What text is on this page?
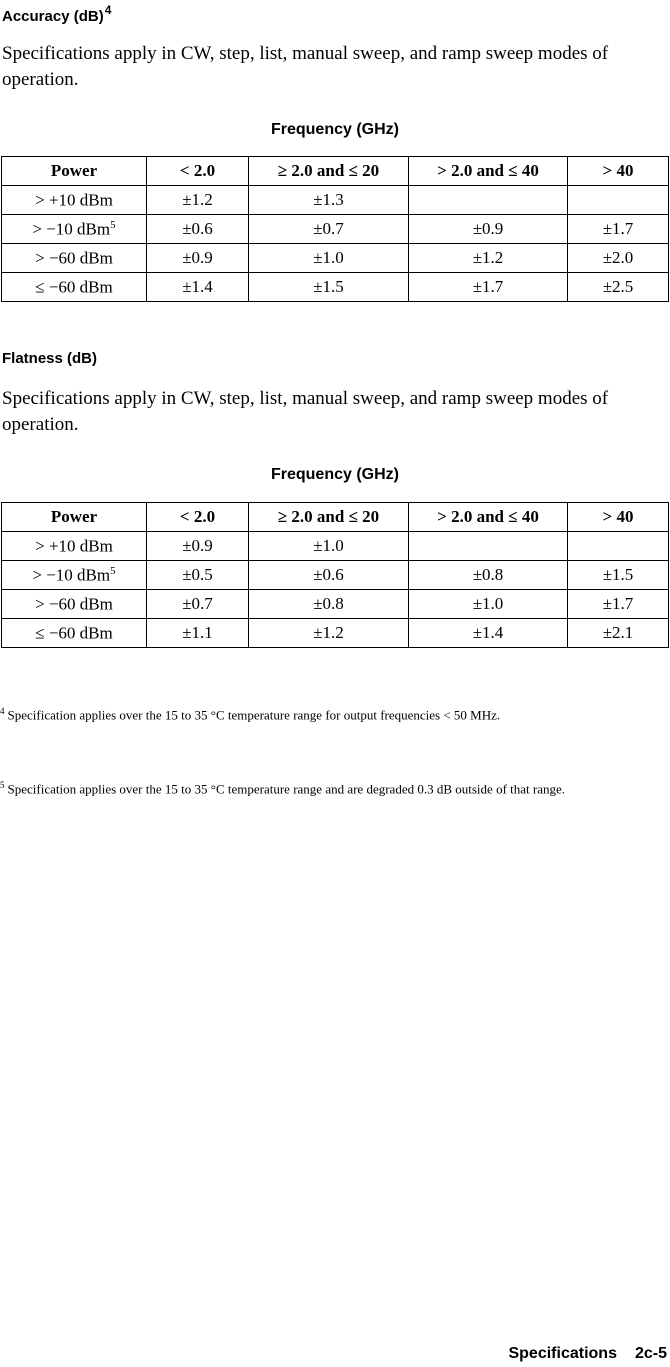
Accuracy (dB)$^4$
Specifications apply in CW, step, list, manual sweep, and ramp sweep modes of operation.
Frequency (GHz)
Power	< 2.0	≥ 2.0 and ≤ 20	> 2.0 and ≤ 40	> 40
> +10 dBm	±1.2	±1.3		
> −10 dBm$^5$	±0.6	±0.7	±0.9	±1.7
> −60 dBm	±0.9	±1.0	±1.2	±2.0
≤ −60 dBm	±1.4	±1.5	±1.7	±2.5
Flatness (dB)
Specifications apply in CW, step, list, manual sweep, and ramp sweep modes of operation.
Frequency (GHz)
Power	< 2.0	≥ 2.0 and ≤ 20	> 2.0 and ≤ 40	> 40
> +10 dBm	±0.9	±1.0		
> −10 dBm$^5$	±0.5	±0.6	±0.8	±1.5
> −60 dBm	±0.7	±0.8	±1.0	±1.7
≤ −60 dBm	±1.1	±1.2	±1.4	±2.1
$^4$ Specification applies over the 15 to 35 °C temperature range for output frequencies < 50 MHz.
$^5$ Specification applies over the 15 to 35 °C temperature range and are degraded 0.3 dB outside of that range.
Specifications 2c-5
